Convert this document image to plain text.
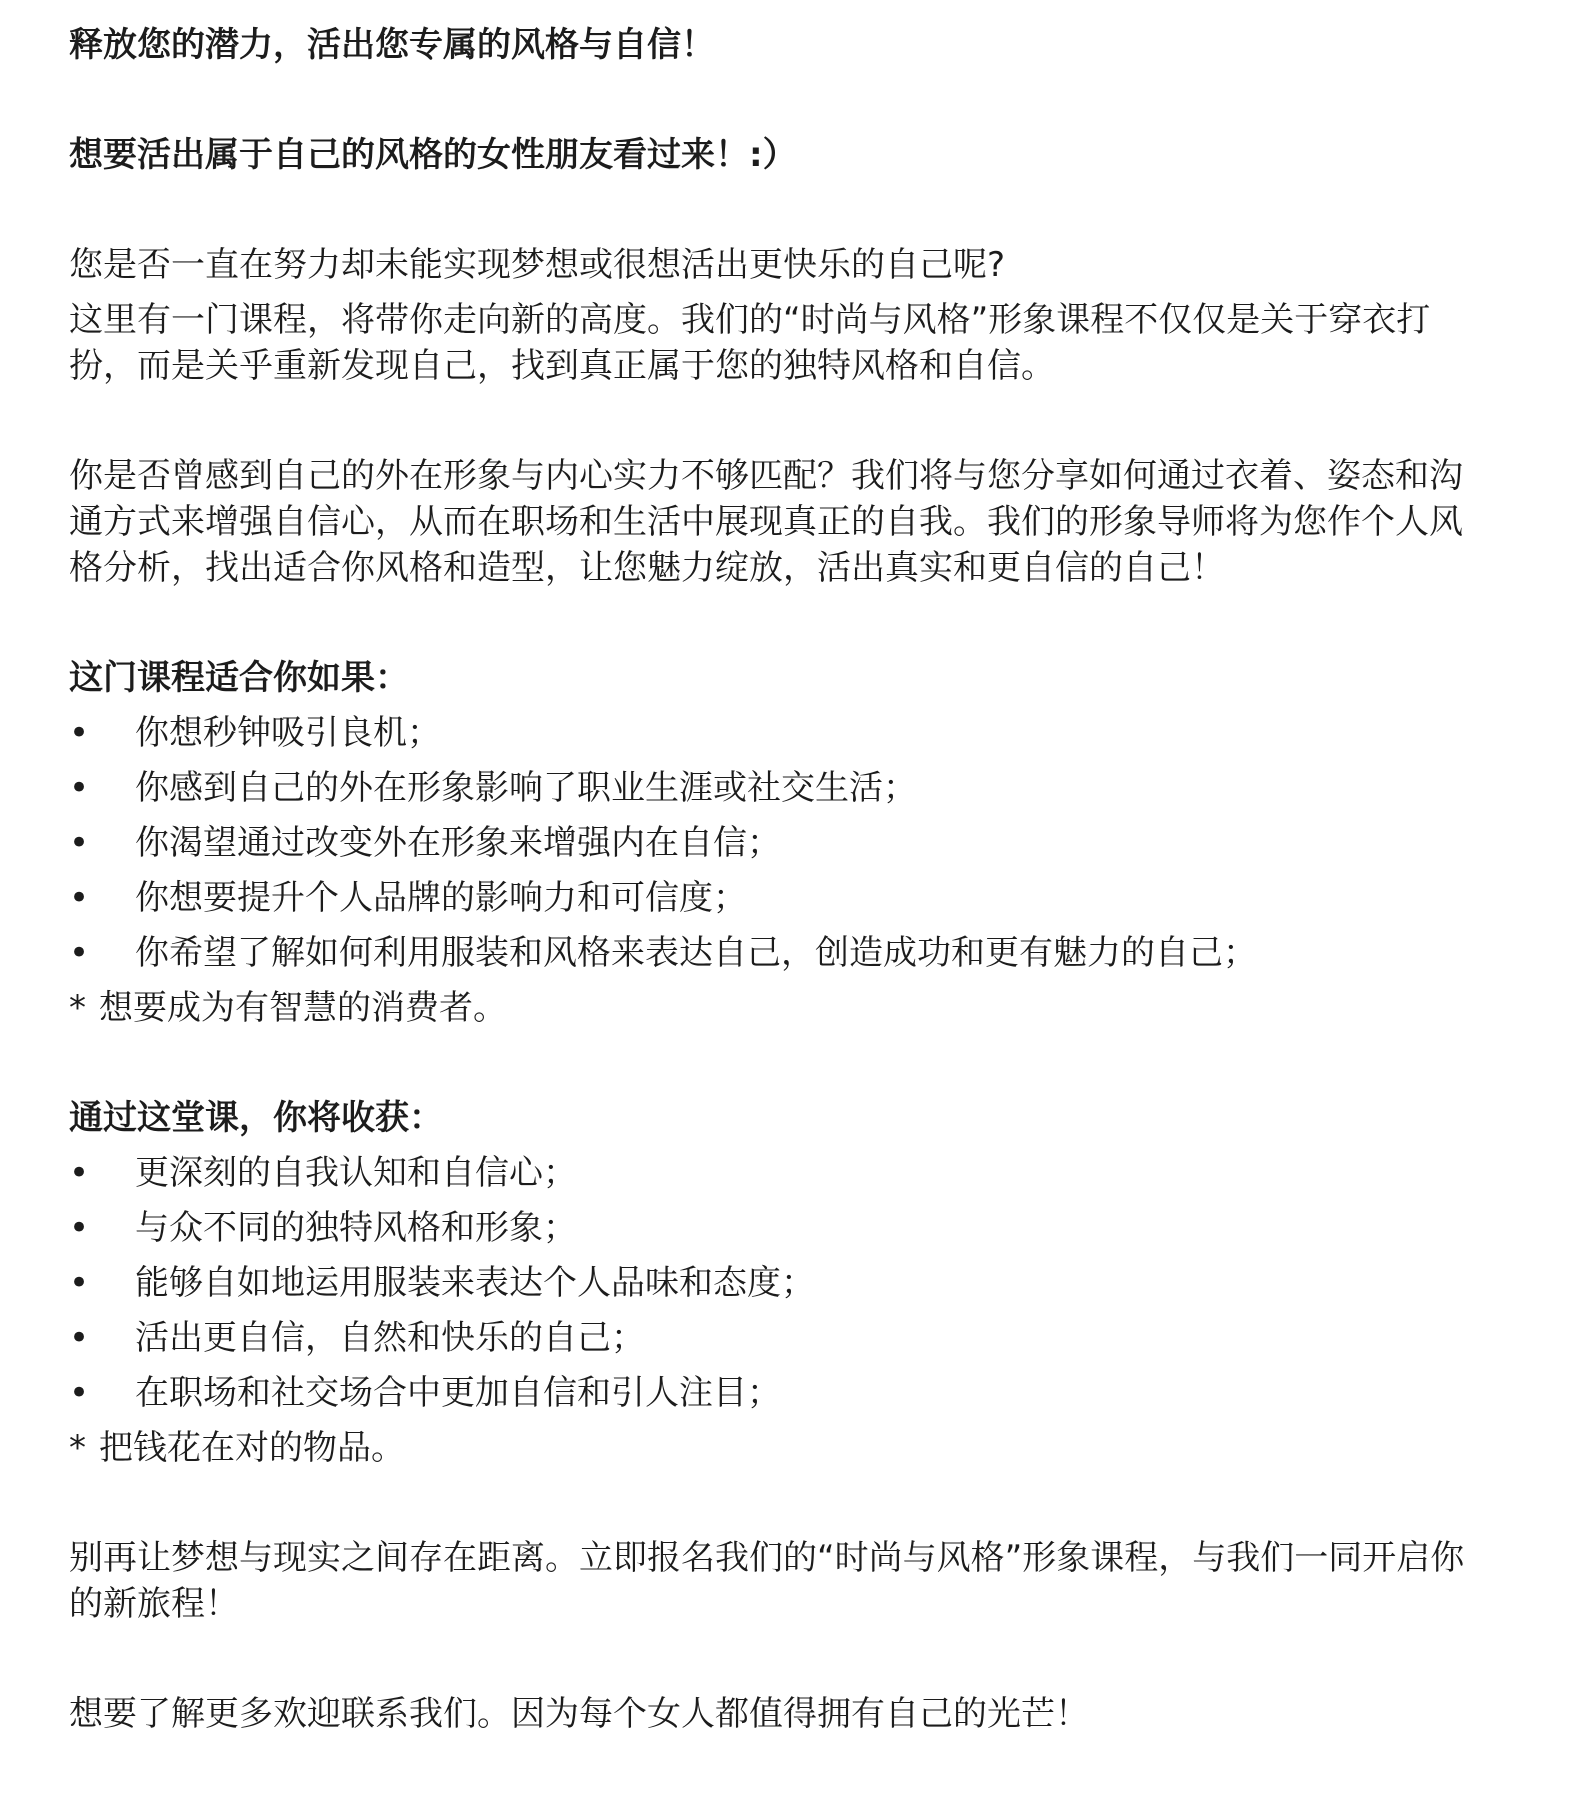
释放您的潜力，活出您专属的风格与自信！
想要活出属于自己的风格的女性朋友看过来！:）
您是否一直在努力却未能实现梦想或很想活出更快乐的自己呢?
这里有一门课程，将带你走向新的高度。我们的“时尚与风格”形象课程不仅仅是关于穿衣打
扮，而是关乎重新发现自己，找到真正属于您的独特风格和自信。
你是否曾感到自己的外在形象与内心实力不够匹配？我们将与您分享如何通过衣着、姿态和沟
通方式来增强自信心，从而在职场和生活中展现真正的自我。我们的形象导师将为您作个人风
格分析，找出适合你风格和造型，让您魅力绽放，活出真实和更自信的自己！
这门课程适合你如果：
•	你想秒钟吸引良机；
•	你感到自己的外在形象影响了职业生涯或社交生活；
•	你渴望通过改变外在形象来增强内在自信；
•	你想要提升个人品牌的影响力和可信度；
•	你希望了解如何利用服装和风格来表达自己，创造成功和更有魅力的自己；
* 想要成为有智慧的消费者。
通过这堂课，你将收获：
•	更深刻的自我认知和自信心；
•	与众不同的独特风格和形象；
•	能够自如地运用服装来表达个人品味和态度；
•	活出更自信，自然和快乐的自己；
•	在职场和社交场合中更加自信和引人注目；
* 把钱花在对的物品。
别再让梦想与现实之间存在距离。立即报名我们的“时尚与风格”形象课程，与我们一同开启你
的新旅程！
想要了解更多欢迎联系我们。因为每个女人都值得拥有自己的光芒！
